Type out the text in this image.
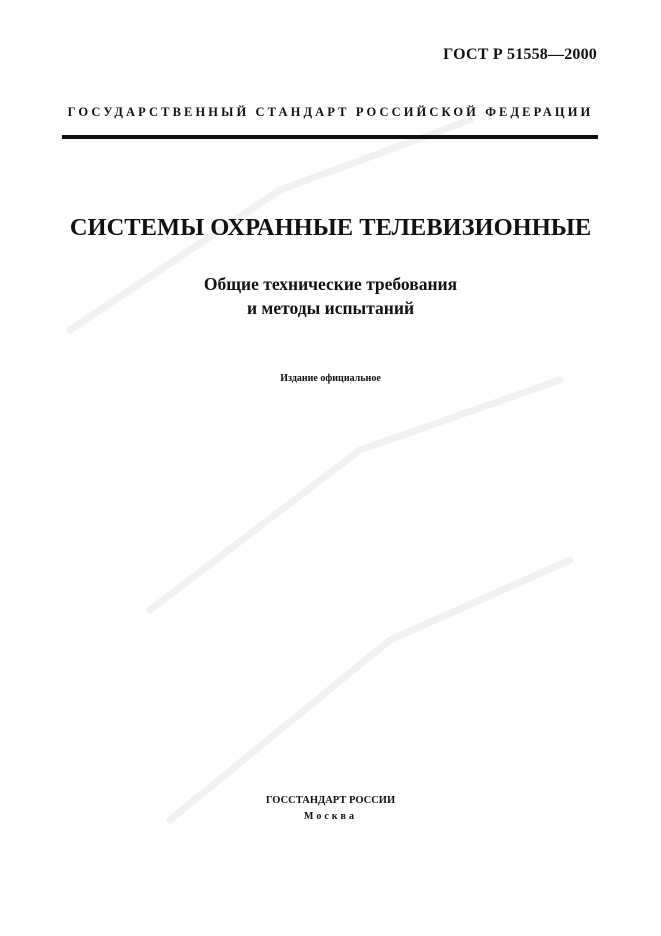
ГОСТ Р 51558—2000
ГОСУДАРСТВЕННЫЙ СТАНДАРТ РОССИЙСКОЙ ФЕДЕРАЦИИ
СИСТЕМЫ ОХРАННЫЕ ТЕЛЕВИЗИОННЫЕ
Общие технические требования
и методы испытаний
Издание официальное
ГОССТАНДАРТ РОССИИ
Москва
